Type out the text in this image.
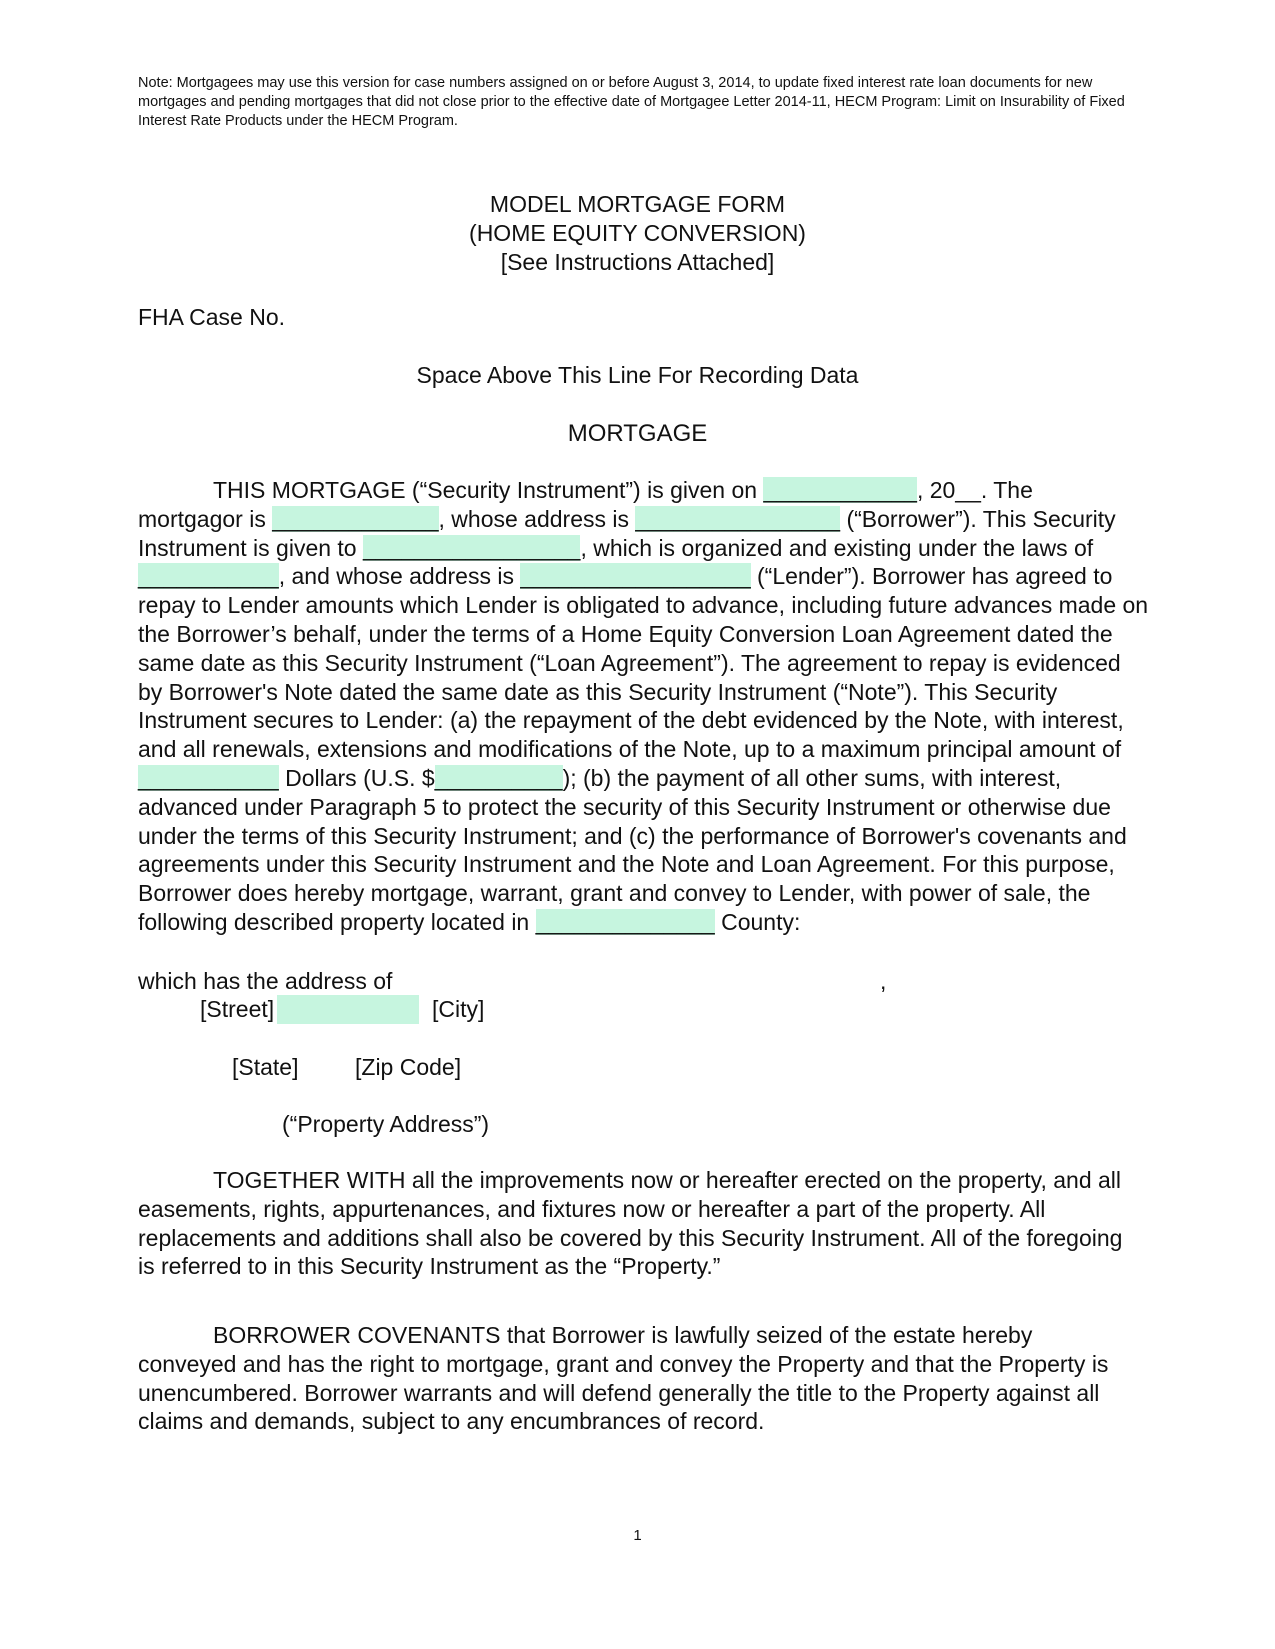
Note: Mortgagees may use this version for case numbers assigned on or before August 3, 2014, to update fixed interest rate loan documents for new mortgages and pending mortgages that did not close prior to the effective date of Mortgagee Letter 2014-11, HECM Program: Limit on Insurability of Fixed Interest Rate Products under the HECM Program.
MODEL MORTGAGE FORM
(HOME EQUITY CONVERSION)
[See Instructions Attached]
FHA Case No.
Space Above This Line For Recording Data
MORTGAGE
THIS MORTGAGE (“Security Instrument”) is given on ____________, 20__. The
mortgagor is _____________, whose address is ________________ (“Borrower”). This Security
Instrument is given to _________________, which is organized and existing under the laws of
___________, and whose address is __________________ (“Lender”). Borrower has agreed to
repay to Lender amounts which Lender is obligated to advance, including future advances made on
the Borrower’s behalf, under the terms of a Home Equity Conversion Loan Agreement dated the
same date as this Security Instrument (“Loan Agreement”). The agreement to repay is evidenced
by Borrower's Note dated the same date as this Security Instrument (“Note”). This Security
Instrument secures to Lender: (a) the repayment of the debt evidenced by the Note, with interest,
and all renewals, extensions and modifications of the Note, up to a maximum principal amount of
___________ Dollars (U.S. $__________); (b) the payment of all other sums, with interest,
advanced under Paragraph 5 to protect the security of this Security Instrument or otherwise due
under the terms of this Security Instrument; and (c) the performance of Borrower's covenants and
agreements under this Security Instrument and the Note and Loan Agreement. For this purpose,
Borrower does hereby mortgage, warrant, grant and convey to Lender, with power of sale, the
following described property located in ______________ County:
which has the address of	,
[Street]	[City]
[State] [Zip Code]
(“Property Address”)
TOGETHER WITH all the improvements now or hereafter erected on the property, and all
easements, rights, appurtenances, and fixtures now or hereafter a part of the property. All
replacements and additions shall also be covered by this Security Instrument. All of the foregoing
is referred to in this Security Instrument as the “Property.”
BORROWER COVENANTS that Borrower is lawfully seized of the estate hereby
conveyed and has the right to mortgage, grant and convey the Property and that the Property is
unencumbered. Borrower warrants and will defend generally the title to the Property against all
claims and demands, subject to any encumbrances of record.
1
